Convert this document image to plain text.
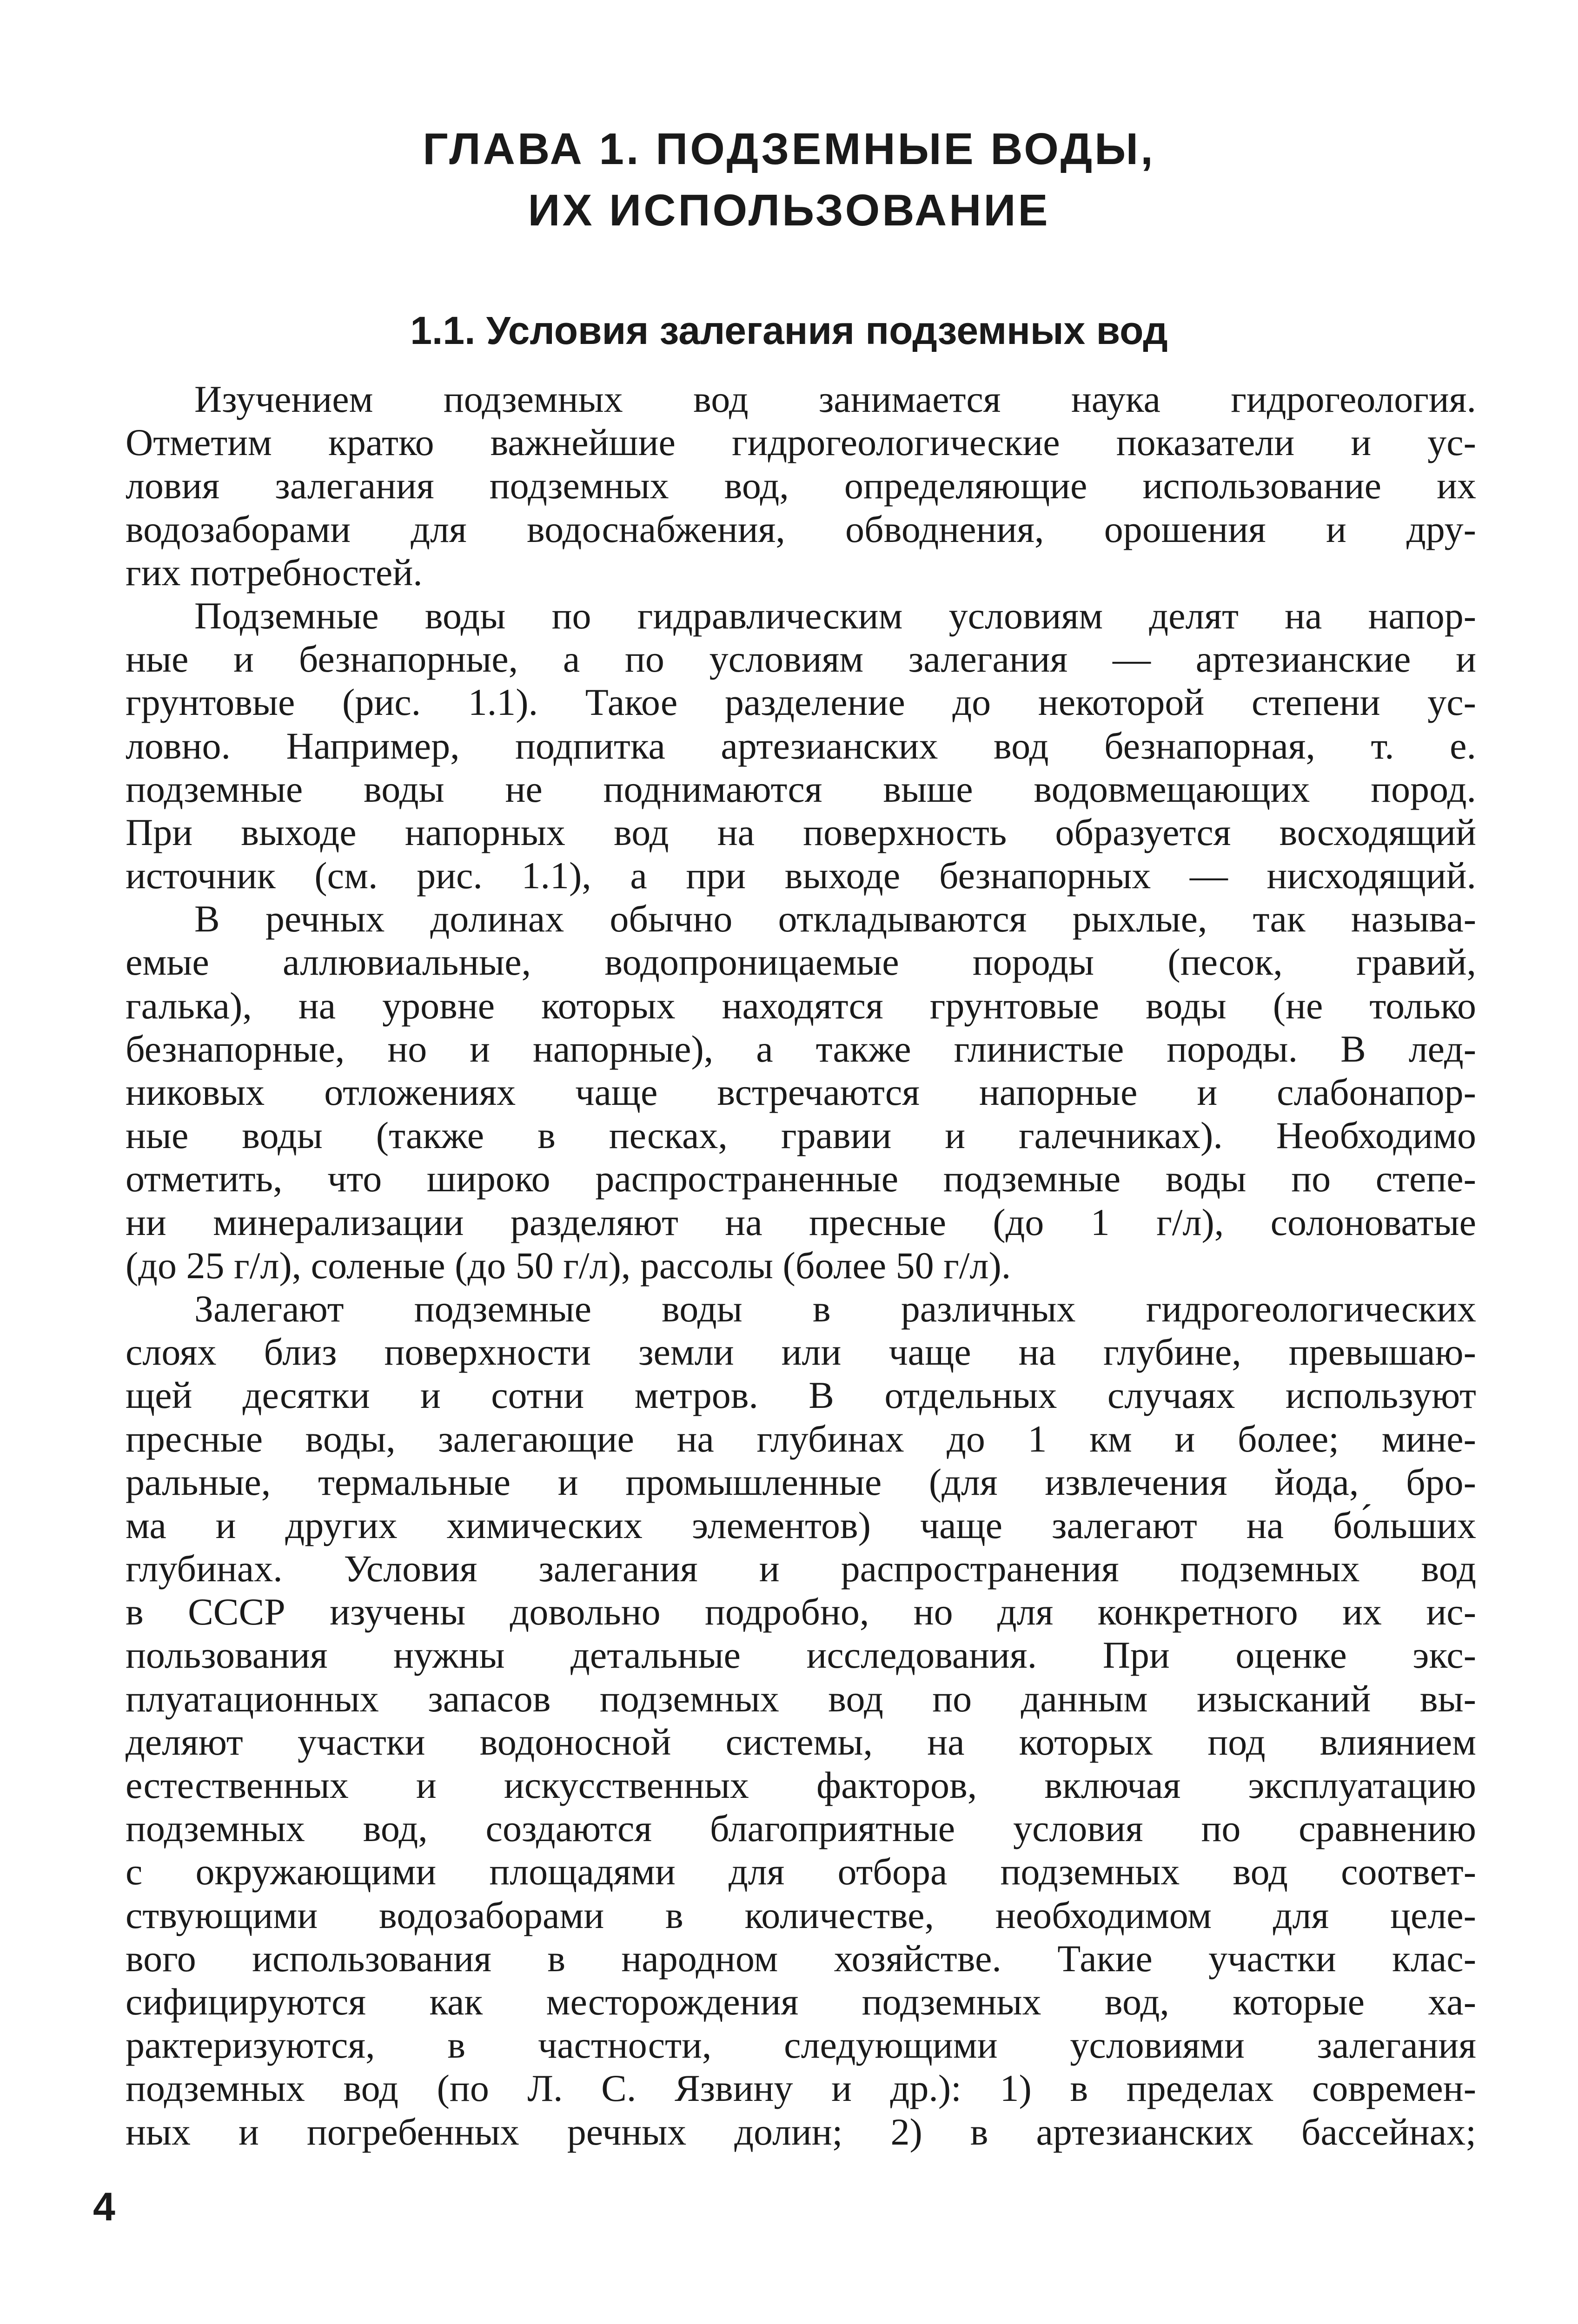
ГЛАВА 1. ПОДЗЕМНЫЕ ВОДЫ,
ИХ ИСПОЛЬЗОВАНИЕ
1.1. Условия залегания подземных вод
Изучением подземных вод занимается наука гидрогеология.
Отметим кратко важнейшие гидрогеологические показатели и ус-
ловия залегания подземных вод, определяющие использование их
водозаборами для водоснабжения, обводнения, орошения и дру-
гих потребностей.
Подземные воды по гидравлическим условиям делят на напор-
ные и безнапорные, а по условиям залегания — артезианские и
грунтовые (рис. 1.1). Такое разделение до некоторой степени ус-
ловно. Например, подпитка артезианских вод безнапорная, т. е.
подземные воды не поднимаются выше водовмещающих пород.
При выходе напорных вод на поверхность образуется восходящий
источник (см. рис. 1.1), а при выходе безнапорных — нисходящий.
В речных долинах обычно откладываются рыхлые, так называ-
емые аллювиальные, водопроницаемые породы (песок, гравий,
галька), на уровне которых находятся грунтовые воды (не только
безнапорные, но и напорные), а также глинистые породы. В лед-
никовых отложениях чаще встречаются напорные и слабонапор-
ные воды (также в песках, гравии и галечниках). Необходимо
отметить, что широко распространенные подземные воды по степе-
ни минерализации разделяют на пресные (до 1 г/л), солоноватые
(до 25 г/л), соленые (до 50 г/л), рассолы (более 50 г/л).
Залегают подземные воды в различных гидрогеологических
слоях близ поверхности земли или чаще на глубине, превышаю-
щей десятки и сотни метров. В отдельных случаях используют
пресные воды, залегающие на глубинах до 1 км и более; мине-
ральные, термальные и промышленные (для извлечения йода, бро-
ма и других химических элементов) чаще залегают на бо́льших
глубинах. Условия залегания и распространения подземных вод
в СССР изучены довольно подробно, но для конкретного их ис-
пользования нужны детальные исследования. При оценке экс-
плуатационных запасов подземных вод по данным изысканий вы-
деляют участки водоносной системы, на которых под влиянием
естественных и искусственных факторов, включая эксплуатацию
подземных вод, создаются благоприятные условия по сравнению
с окружающими площадями для отбора подземных вод соответ-
ствующими водозаборами в количестве, необходимом для целе-
вого использования в народном хозяйстве. Такие участки клас-
сифицируются как месторождения подземных вод, которые ха-
рактеризуются, в частности, следующими условиями залегания
подземных вод (по Л. С. Язвину и др.): 1) в пределах современ-
ных и погребенных речных долин; 2) в артезианских бассейнах;
4
